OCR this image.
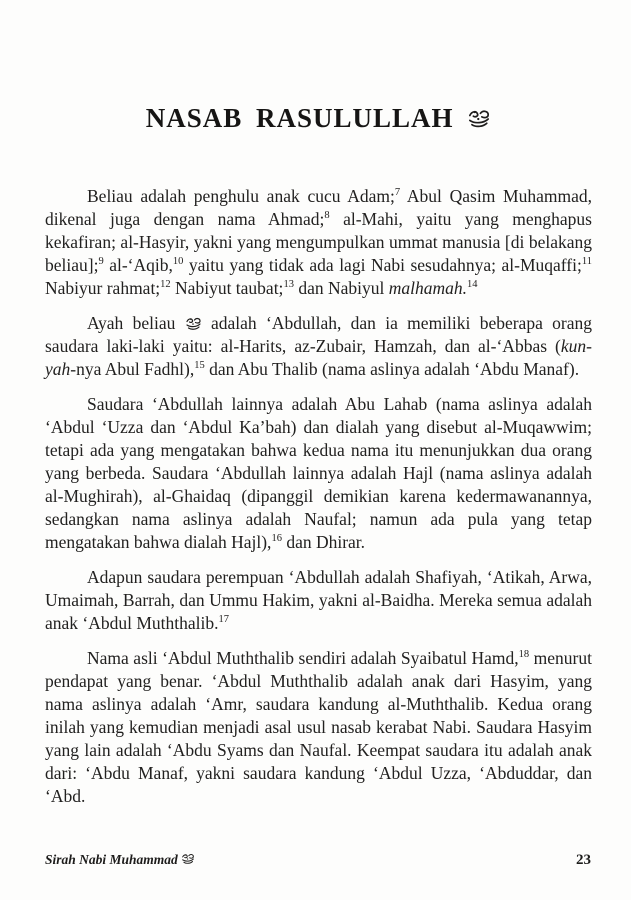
NASAB RASULULLAH

Beliau adalah penghulu anak cucu Adam;$^7$ Abul Qasim Muhammad, dikenal juga dengan nama Ahmad;$^8$ al-Mahi, yaitu yang menghapus kekafiran; al-Hasyir, yakni yang mengumpulkan ummat manusia [di belakang beliau];$^9$ al-‘Aqib,$^{10}$ yaitu yang tidak ada lagi Nabi sesudahnya; al-Muqaffi;$^{11}$ Nabiyur rahmat;$^{12}$ Nabiyut taubat;$^{13}$ dan Nabiyul malhamah.$^{14}$

Ayah beliau
adalah ‘Abdullah, dan ia memiliki beberapa orang saudara laki-laki yaitu: al-Harits, az-Zubair, Hamzah, dan al-‘Abbas (kun-yah-nya Abul Fadhl),$^{15}$ dan Abu Thalib (nama aslinya adalah ‘Abdu Manaf).

Saudara ‘Abdullah lainnya adalah Abu Lahab (nama aslinya adalah ‘Abdul ‘Uzza dan ‘Abdul Ka’bah) dan dialah yang disebut al-Muqawwim; tetapi ada yang mengatakan bahwa kedua nama itu menunjukkan dua orang yang berbeda. Saudara ‘Abdullah lainnya adalah Hajl (nama aslinya adalah al-Mughirah), al-Ghaidaq (dipanggil demikian karena kedermawanannya, sedangkan nama aslinya adalah Naufal; namun ada pula yang tetap mengatakan bahwa dialah Hajl),$^{16}$ dan Dhirar.

Adapun saudara perempuan ‘Abdullah adalah Shafiyah, ‘Atikah, Arwa, Umaimah, Barrah, dan Ummu Hakim, yakni al-Baidha. Mereka semua adalah anak ‘Abdul Muththalib.$^{17}$

Nama asli ‘Abdul Muththalib sendiri adalah Syaibatul Hamd,$^{18}$ menurut pendapat yang benar. ‘Abdul Muththalib adalah anak dari Hasyim, yang nama aslinya adalah ‘Amr, saudara kandung al-Muththalib. Kedua orang inilah yang kemudian menjadi asal usul nasab kerabat Nabi. Saudara Hasyim yang lain adalah ‘Abdu Syams dan Naufal. Keempat saudara itu adalah anak dari: ‘Abdu Manaf, yakni saudara kandung ‘Abdul Uzza, ‘Abduddar, dan ‘Abd.

Sirah Nabi Muhammad	23
